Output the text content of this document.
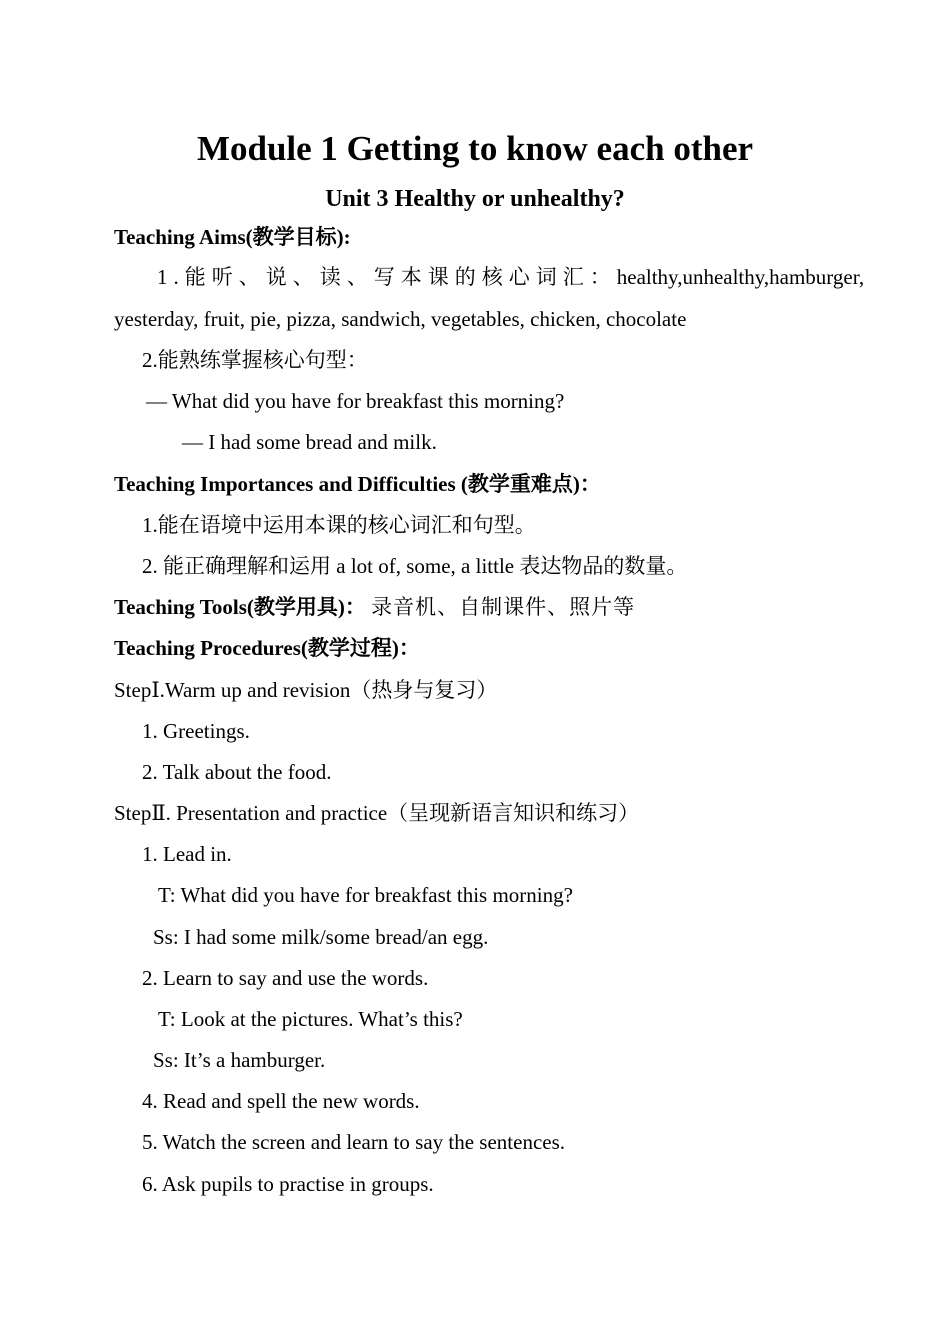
Module 1 Getting to know each other
Unit 3 Healthy or unhealthy?
Teaching Aims(教学目标):
1.能听、说、读、写本课的核心词汇： healthy, unhealthy, hamburger,
yesterday, fruit, pie, pizza, sandwich, vegetables, chicken, chocolate
2.能熟练掌握核心句型：
— What did you have for breakfast this morning?
— I had some bread and milk.
Teaching Importances and Difficulties (教学重难点)：
1.能在语境中运用本课的核心词汇和句型。
2. 能正确理解和运用 a lot of, some, a little 表达物品的数量。
Teaching Tools(教学用具)： 录音机、自制课件、照片等
Teaching Procedures(教学过程)：
StepⅠ.Warm up and revision（热身与复习）
1. Greetings.
2. Talk about the food.
StepⅡ. Presentation and practice（呈现新语言知识和练习）
1. Lead in.
T: What did you have for breakfast this morning?
Ss: I had some milk/some bread/an egg.
2. Learn to say and use the words.
T: Look at the pictures. What’s this?
Ss: It’s a hamburger.
4. Read and spell the new words.
5. Watch the screen and learn to say the sentences.
6. Ask pupils to practise in groups.
